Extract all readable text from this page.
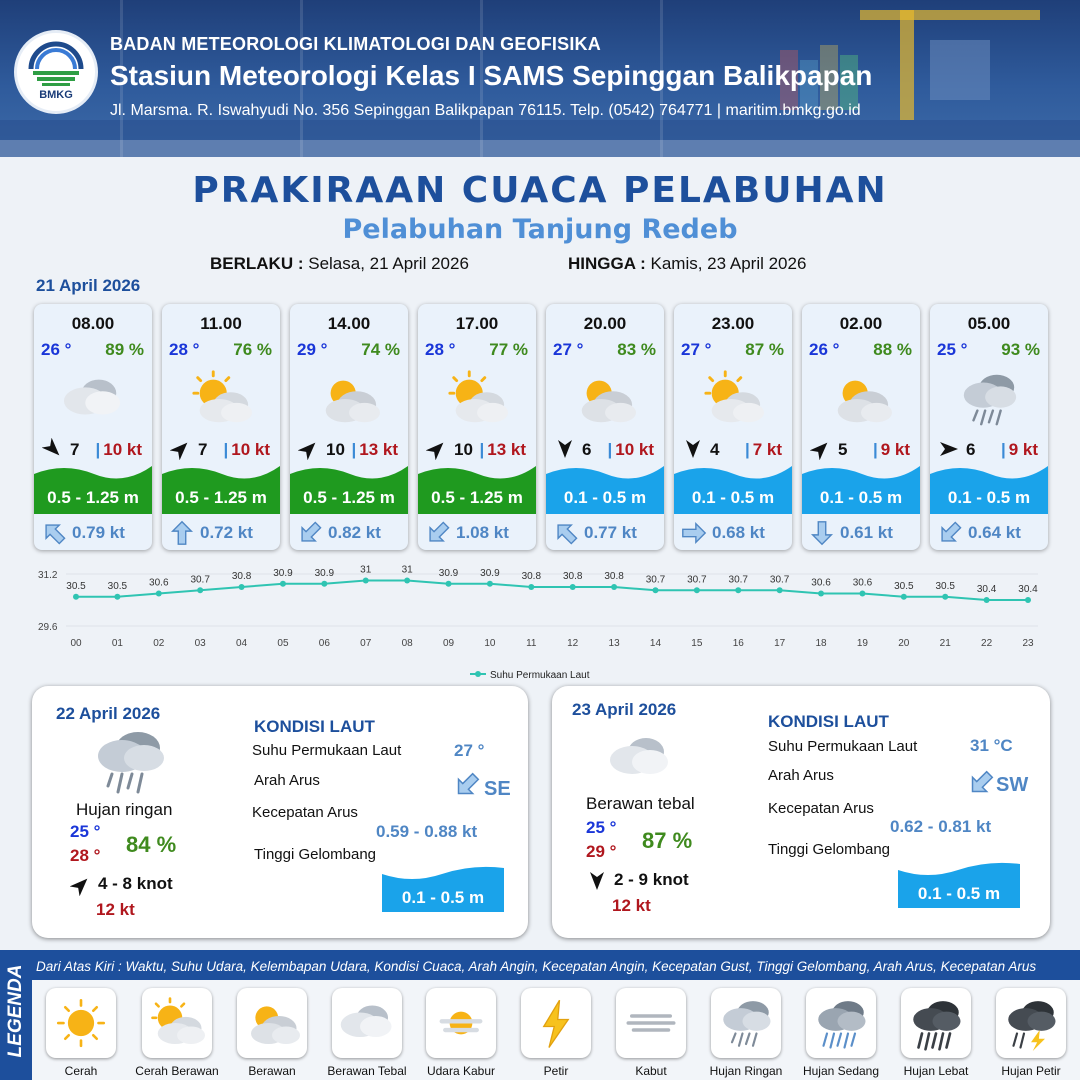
BMKG
BADAN METEOROLOGI KLIMATOLOGI DAN GEOFISIKA
Stasiun Meteorologi Kelas I SAMS Sepinggan Balikpapan
Jl. Marsma. R. Iswahyudi No. 356 Sepinggan Balikpapan 76115. Telp. (0542) 764771 | maritim.bmkg.go.id
PRAKIRAAN CUACA PELABUHAN
Pelabuhan Tanjung Redeb
BERLAKU : Selasa, 21 April 2026	HINGGA : Kamis, 23 April 2026
21 April 2026
08.00
26 ° 89 %
7 | 10 kt
0.5 - 1.25 m
0.79 kt
11.00
28 ° 76 %
7 | 10 kt
0.5 - 1.25 m
0.72 kt
14.00
29 ° 74 %
10 | 13 kt
0.5 - 1.25 m
0.82 kt
17.00
28 ° 77 %
10 | 13 kt
0.5 - 1.25 m
1.08 kt
20.00
27 ° 83 %
6 | 10 kt
0.1 - 0.5 m
0.77 kt
23.00
27 ° 87 %
4 | 7 kt
0.1 - 0.5 m
0.68 kt
02.00
26 ° 88 %
5 | 9 kt
0.1 - 0.5 m
0.61 kt
05.00
25 ° 93 %
6 | 9 kt
0.1 - 0.5 m
0.64 kt
31.2
29.6
30.5
00
30.5
01
30.6
02
30.7
03
30.8
04
30.9
05
30.9
06
31
07
31
08
30.9
09
30.9
10
30.8
11
30.8
12
30.8
13
30.7
14
30.7
15
30.7
16
30.7
17
30.6
18
30.6
19
30.5
20
30.5
21
30.4
22
30.4
23
Suhu Permukaan Laut
22 April 2026
Hujan ringan
25 °
28 ° 84 %
4 - 8 knot
12 kt
KONDISI LAUT
Suhu Permukaan Laut	27 °
Arah Arus	SE
Kecepatan Arus
0.59 - 0.88 kt
Tinggi Gelombang
0.1 - 0.5 m
23 April 2026
Berawan tebal
25 °
29 ° 87 %
2 - 9 knot
12 kt
KONDISI LAUT
Suhu Permukaan Laut	31 °C
Arah Arus	SW
Kecepatan Arus
0.62 - 0.81 kt
Tinggi Gelombang
0.1 - 0.5 m
LEGENDA Dari Atas Kiri : Waktu, Suhu Udara, Kelembapan Udara, Kondisi Cuaca, Arah Angin, Kecepatan Angin, Kecepatan Gust, Tinggi Gelombang, Arah Arus, Kecepatan Arus
Cerah	Cerah Berawan	Berawan	Berawan Tebal	Udara Kabur	Petir	Kabut	Hujan Ringan	Hujan Sedang	Hujan Lebat	Hujan Petir
